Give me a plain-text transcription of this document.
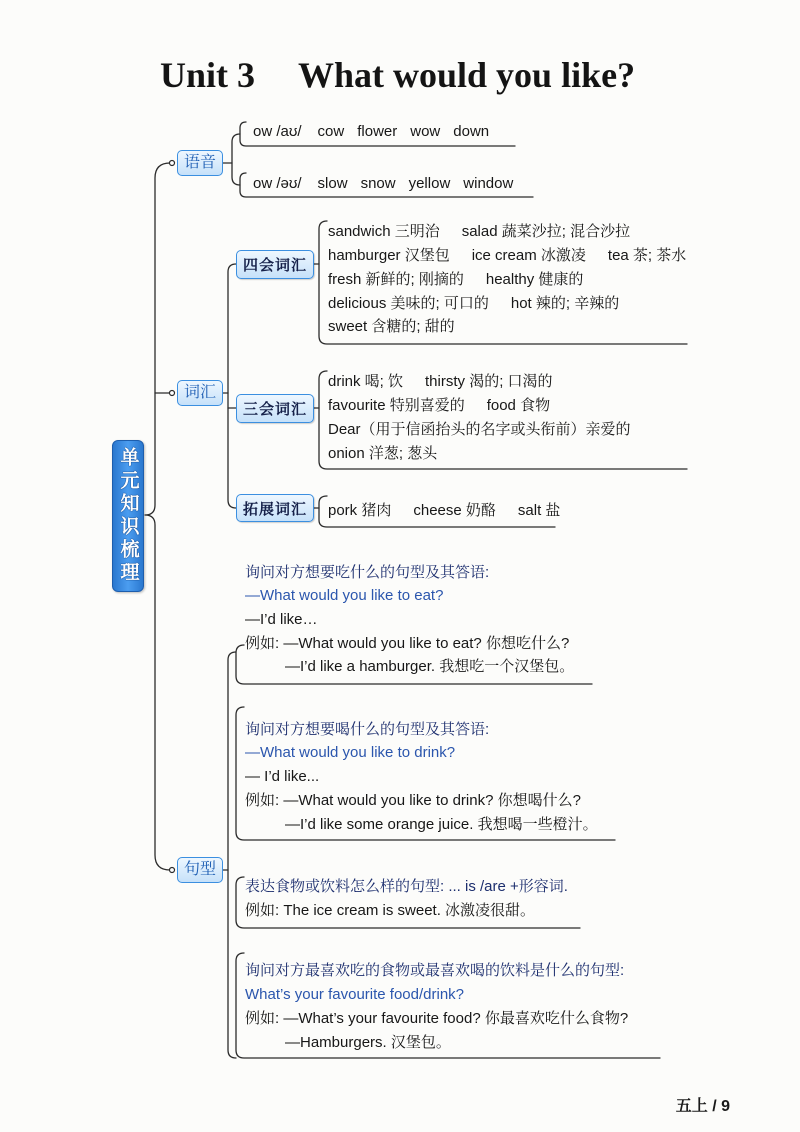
Unit 3 What would you like?
单元知识梳理
语音
词汇
句型
ow /aʊ/ cow flower wow down
ow /əʊ/ slow snow yellow window
四会词汇
三会词汇
拓展词汇
sandwich 三明治 salad 蔬菜沙拉; 混合沙拉
hamburger 汉堡包 ice cream 冰激凌 tea 茶; 茶水
fresh 新鲜的; 刚摘的 healthy 健康的
delicious 美味的; 可口的 hot 辣的; 辛辣的
sweet 含糖的; 甜的
drink 喝; 饮 thirsty 渴的; 口渴的
favourite 特别喜爱的 food 食物
Dear（用于信函抬头的名字或头衔前）亲爱的
onion 洋葱; 葱头
pork 猪肉 cheese 奶酪 salt 盐
询问对方想要吃什么的句型及其答语:
—What would you like to eat?
—I’d like…
例如: —What would you like to eat? 你想吃什么?
—I’d like a hamburger. 我想吃一个汉堡包。
询问对方想要喝什么的句型及其答语:
—What would you like to drink?
— I’d like...
例如: —What would you like to drink? 你想喝什么?
—I’d like some orange juice. 我想喝一些橙汁。
表达食物或饮料怎么样的句型: ... is /are +形容词.
例如: The ice cream is sweet. 冰激凌很甜。
询问对方最喜欢吃的食物或最喜欢喝的饮料是什么的句型:
What’s your favourite food/drink?
例如: —What’s your favourite food? 你最喜欢吃什么食物?
—Hamburgers. 汉堡包。
五上 / 9
